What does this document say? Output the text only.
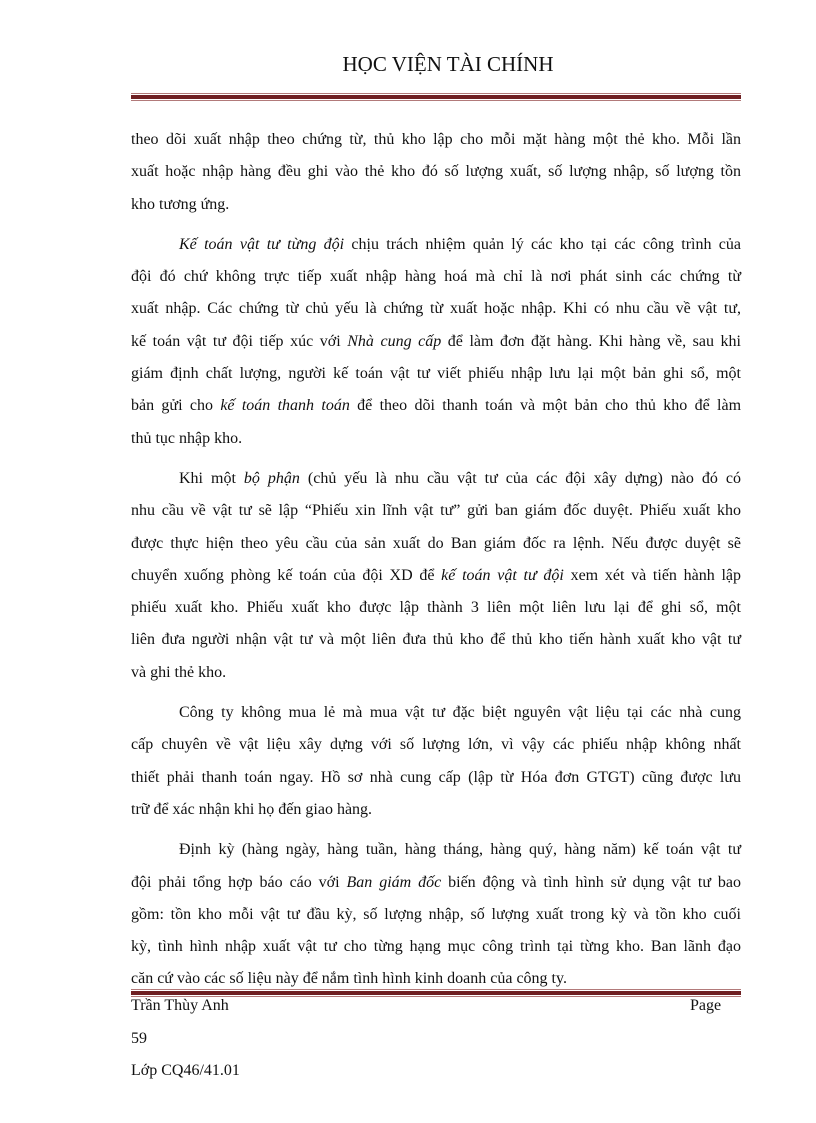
HỌC VIỆN TÀI CHÍNH
theo dõi xuất nhập theo chứng từ, thủ kho lập cho mỗi mặt hàng một thẻ kho. Mỗi lần
xuất hoặc nhập hàng đều ghi vào thẻ kho đó số lượng xuất, số lượng nhập, số lượng tồn
kho tương ứng.
Kế toán vật tư từng đội chịu trách nhiệm quản lý các kho tại các công trình của
đội đó chứ không trực tiếp xuất nhập hàng hoá mà chỉ là nơi phát sinh các chứng từ
xuất nhập. Các chứng từ chủ yếu là chứng từ xuất hoặc nhập. Khi có nhu cầu về vật tư,
kế toán vật tư đội tiếp xúc với Nhà cung cấp để làm đơn đặt hàng. Khi hàng về, sau khi
giám định chất lượng, người kế toán vật tư viết phiếu nhập lưu lại một bản ghi sổ, một
bản gửi cho kế toán thanh toán để theo dõi thanh toán và một bản cho thủ kho để làm
thủ tục nhập kho.
Khi một bộ phận (chủ yếu là nhu cầu vật tư của các đội xây dựng) nào đó có
nhu cầu về vật tư sẽ lập “Phiếu xin lĩnh vật tư” gửi ban giám đốc duyệt. Phiếu xuất kho
được thực hiện theo yêu cầu của sản xuất do Ban giám đốc ra lệnh. Nếu được duyệt sẽ
chuyển xuống phòng kế toán của đội XD để kế toán vật tư đội xem xét và tiến hành lập
phiếu xuất kho. Phiếu xuất kho được lập thành 3 liên một liên lưu lại để ghi sổ, một
liên đưa người nhận vật tư và một liên đưa thủ kho để thủ kho tiến hành xuất kho vật tư
và ghi thẻ kho.
Công ty không mua lẻ mà mua vật tư đặc biệt nguyên vật liệu tại các nhà cung
cấp chuyên về vật liệu xây dựng với số lượng lớn, vì vậy các phiếu nhập không nhất
thiết phải thanh toán ngay. Hồ sơ nhà cung cấp (lập từ Hóa đơn GTGT) cũng được lưu
trữ để xác nhận khi họ đến giao hàng.
Định kỳ (hàng ngày, hàng tuần, hàng tháng, hàng quý, hàng năm) kế toán vật tư
đội phải tổng hợp báo cáo với Ban giám đốc biến động và tình hình sử dụng vật tư bao
gồm: tồn kho mỗi vật tư đầu kỳ, số lượng nhập, số lượng xuất trong kỳ và tồn kho cuối
kỳ, tình hình nhập xuất vật tư cho từng hạng mục công trình tại từng kho. Ban lãnh đạo
căn cứ vào các số liệu này để nắm tình hình kinh doanh của công ty.
Trần Thùy Anh	Page
59
Lớp CQ46/41.01
